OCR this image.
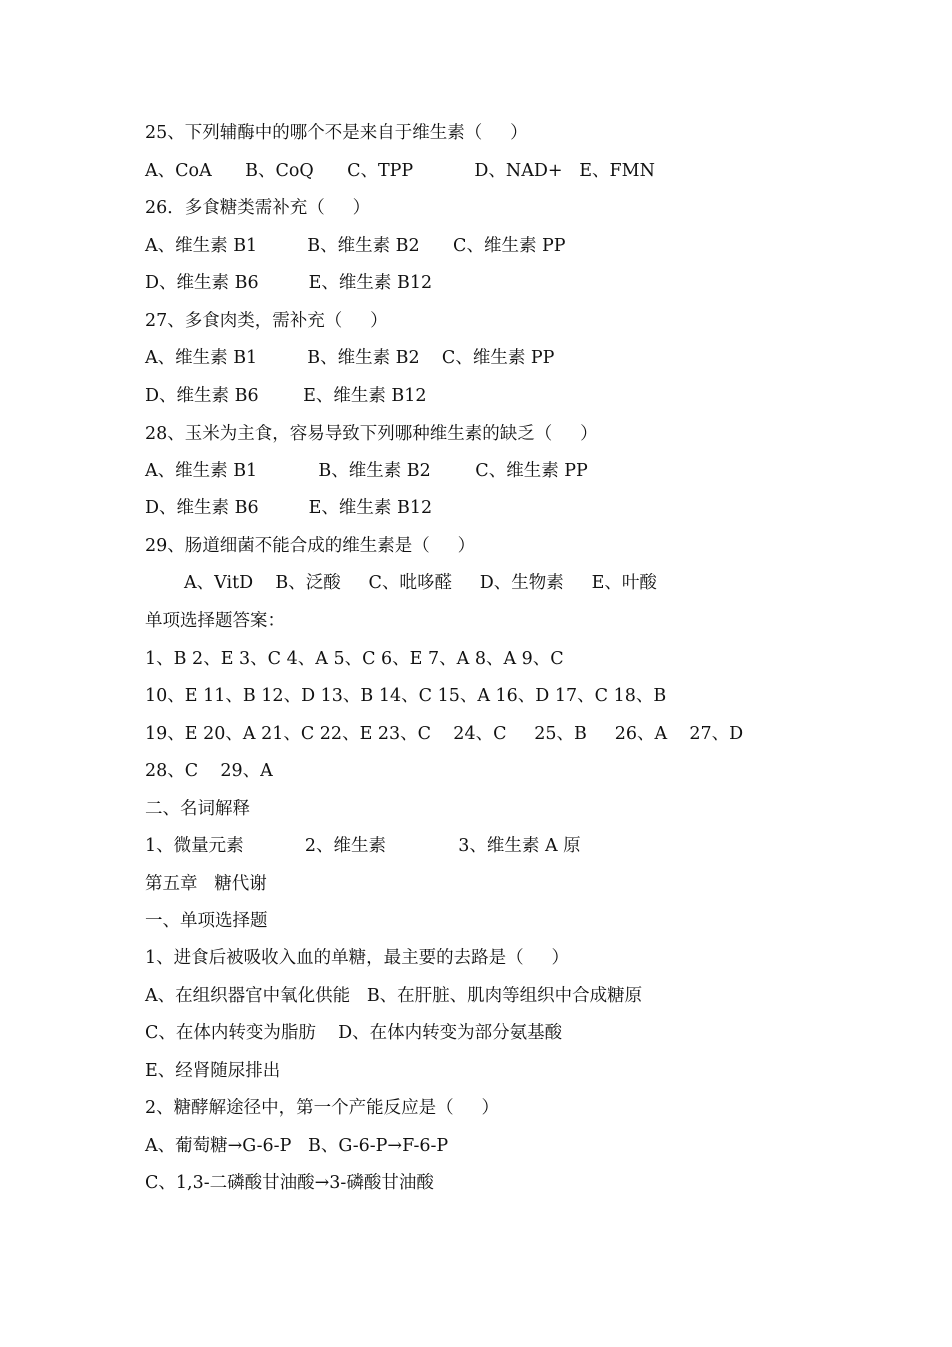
25、下列辅酶中的哪个不是来自于维生素（     ）
A、CoA      B、CoQ      C、TPP           D、NAD+   E、FMN
26．多食糖类需补充（     ）
A、维生素 B1         B、维生素 B2      C、维生素 PP
D、维生素 B6         E、维生素 B12
27、多食肉类，需补充（     ）
A、维生素 B1         B、维生素 B2    C、维生素 PP
D、维生素 B6        E、维生素 B12
28、玉米为主食，容易导致下列哪种维生素的缺乏（     ）
A、维生素 B1           B、维生素 B2        C、维生素 PP
D、维生素 B6         E、维生素 B12
29、肠道细菌不能合成的维生素是（     ）
A、VitD    B、泛酸     C、吡哆醛     D、生物素     E、叶酸
单项选择题答案：
1、B 2、E 3、C 4、A 5、C 6、E 7、A 8、A 9、C
10、E 11、B 12、D 13、B 14、C 15、A 16、D 17、C 18、B
19、E 20、A 21、C 22、E 23、C    24、C     25、B     26、A    27、D
28、C    29、A
二、名词解释
1、微量元素           2、维生素             3、维生素 A 原
第五章   糖代谢
一、单项选择题
1、进食后被吸收入血的单糖，最主要的去路是（     ）
A、在组织器官中氧化供能   B、在肝脏、肌肉等组织中合成糖原
C、在体内转变为脂肪    D、在体内转变为部分氨基酸
E、经肾随尿排出
2、糖酵解途径中，第一个产能反应是（     ）
A、葡萄糖→G-6-P   B、G-6-P→F-6-P
C、1,3-二磷酸甘油酸→3-磷酸甘油酸
